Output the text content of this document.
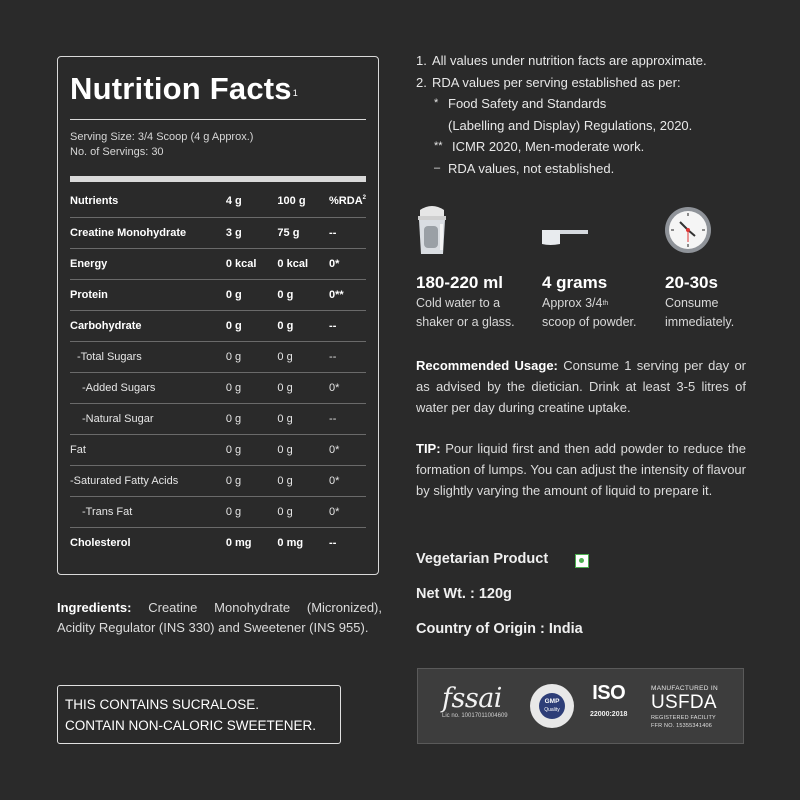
Nutrition Facts$^1$
Serving Size: 3/4 Scoop (4 g Approx.)
No. of Servings: 30
Nutrients	4 g	100 g	%RDA$^2$
Creatine Monohydrate	3 g	75 g	--
Energy	0 kcal	0 kcal	0*
Protein	0 g	0 g	0**
Carbohydrate	0 g	0 g	--
-Total Sugars	0 g	0 g	--
-Added Sugars	0 g	0 g	0*
-Natural Sugar	0 g	0 g	--
Fat	0 g	0 g	0*
-Saturated Fatty Acids	0 g	0 g	0*
-Trans Fat	0 g	0 g	0*
Cholesterol	0 mg	0 mg	--
Ingredients: Creatine Monohydrate (Micronized), Acidity Regulator (INS 330) and Sweetener (INS 955).
THIS CONTAINS SUCRALOSE.
CONTAIN NON-CALORIC SWEETENER.
1. All values under nutrition facts are approximate.
2. RDA values per serving established as per:
* Food Safety and Standards
(Labelling and Display) Regulations, 2020.
** ICMR 2020, Men-moderate work.
– RDA values, not established.
180-220 ml
Cold water to a
shaker or a glass.
4 grams
Approx 3/4th
scoop of powder.
20-30s
Consume
immediately.
Recommended Usage: Consume 1 serving per day or as advised by the dietician. Drink at least 3-5 litres of water per day during creatine uptake.
TIP: Pour liquid first and then add powder to reduce the formation of lumps. You can adjust the intensity of flavour by slightly varying the amount of liquid to prepare it.
Vegetarian Product
Net Wt. : 120g
Country of Origin : India
fssai
Lic no. 10017011004609
GMP
Quality
ISO
22000:2018
MANUFACTURED IN
USFDA
REGISTERED FACILITY
FFR NO. 15355341406
